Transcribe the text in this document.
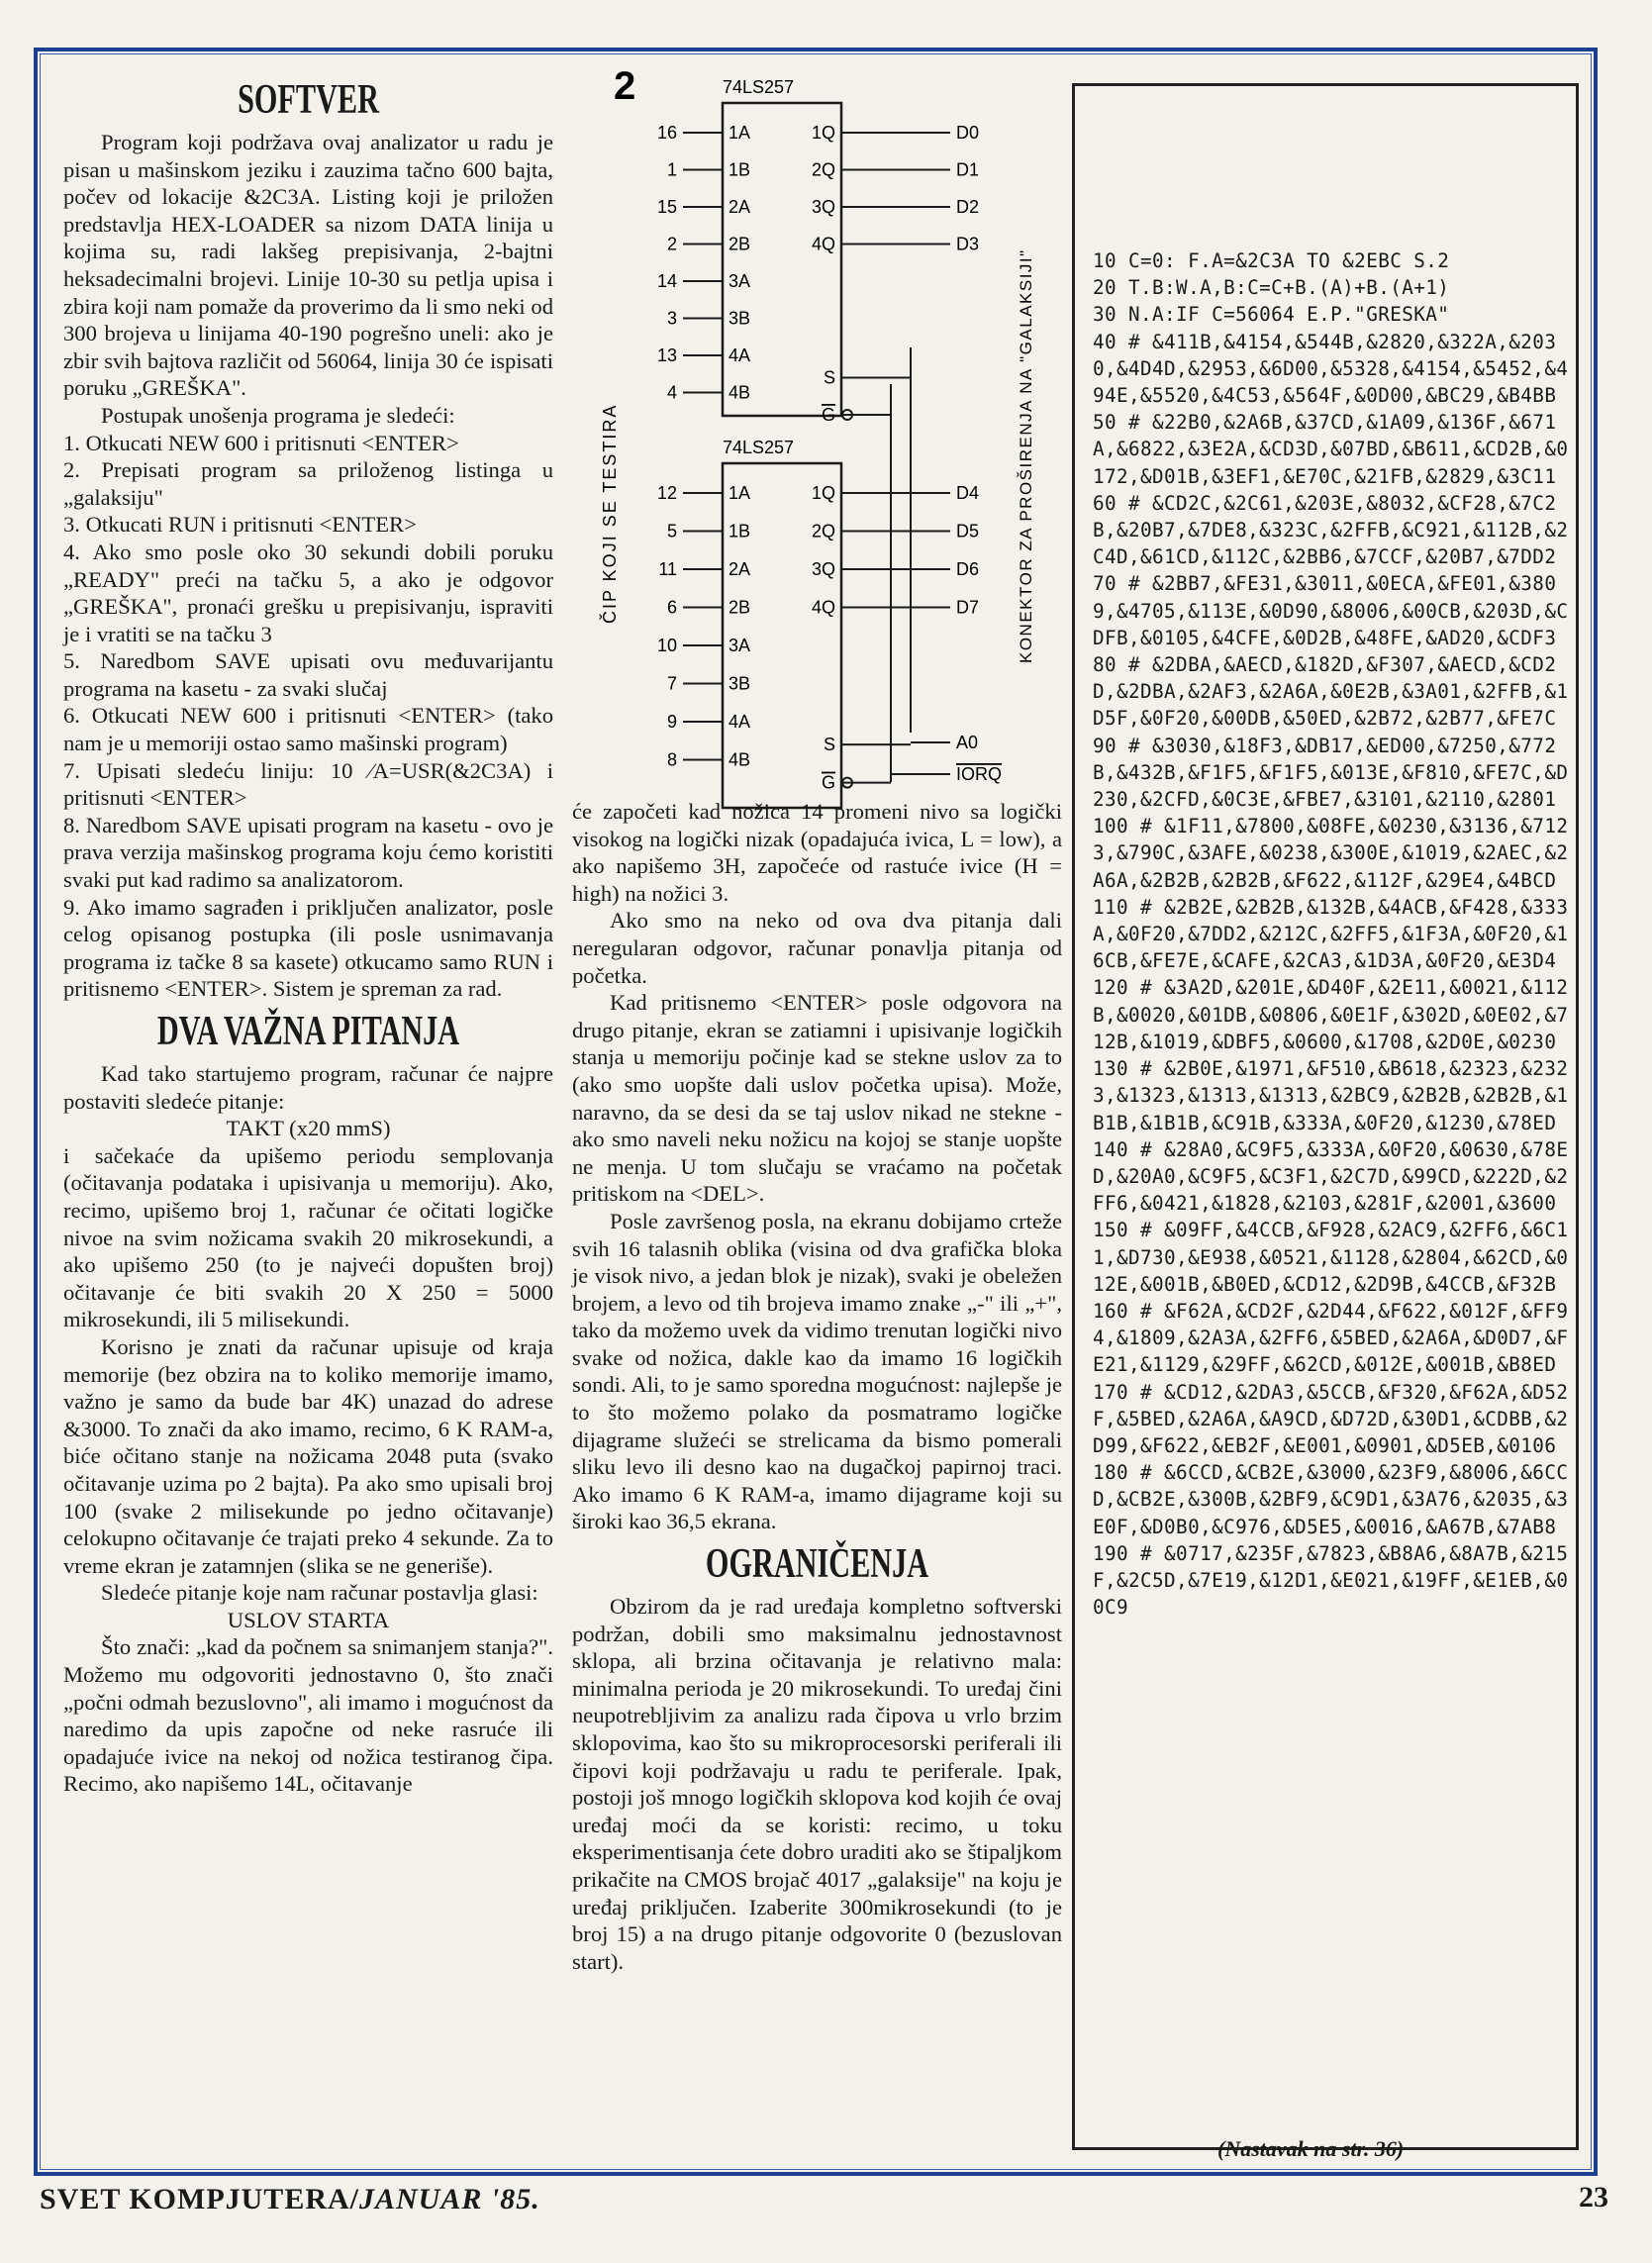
SOFTVER

Program koji podržava ovaj analizator u radu je pisan u mašinskom jeziku i zauzima tačno 600 bajta, počev od lokacije &2C3A. Listing koji je priložen predstavlja HEX-LOADER sa nizom DATA linija u kojima su, radi lakšeg prepisivanja, 2-bajtni heksadecimalni brojevi. Linije 10-30 su petlja upisa i zbira koji nam pomaže da proverimo da li smo neki od 300 brojeva u linijama 40-190 pogrešno uneli: ako je zbir svih bajtova različit od 56064, linija 30 će ispisati poruku „GREŠKA".

Postupak unošenja programa je sledeći:

1. Otkucati NEW 600 i pritisnuti <ENTER>

2. Prepisati program sa priloženog listinga u „galaksiju"

3. Otkucati RUN i pritisnuti <ENTER>

4. Ako smo posle oko 30 sekundi dobili poruku „READY" preći na tačku 5, a ako je odgovor „GREŠKA", pronaći grešku u prepisivanju, ispraviti je i vratiti se na tačku 3

5. Naredbom SAVE upisati ovu međuvarijantu programa na kasetu - za svaki slučaj

6. Otkucati NEW 600 i pritisnuti <ENTER> (tako nam je u memoriji ostao samo mašinski program)

7. Upisati sledeću liniju: 10 ⁄A=USR(&2C3A) i pritisnuti <ENTER>

8. Naredbom SAVE upisati program na kasetu - ovo je prava verzija mašinskog programa koju ćemo koristiti svaki put kad radimo sa analizatorom.

9. Ako imamo sagrađen i priključen analizator, posle celog opisanog postupka (ili posle usnimavanja programa iz tačke 8 sa kasete) otkucamo samo RUN i pritisnemo <ENTER>. Sistem je spreman za rad.

DVA VAŽNA PITANJA

Kad tako startujemo program, računar će najpre postaviti sledeće pitanje:

TAKT (x20 mmS)

i sačekaće da upišemo periodu semplovanja (očitavanja podataka i upisivanja u memoriju). Ako, recimo, upišemo broj 1, računar će očitati logičke nivoe na svim nožicama svakih 20 mikrosekundi, a ako upišemo 250 (to je najveći dopušten broj) očitavanje će biti svakih 20 X 250 = 5000 mikrosekundi, ili 5 milisekundi.

Korisno je znati da računar upisuje od kraja memorije (bez obzira na to koliko memorije imamo, važno je samo da bude bar 4K) unazad do adrese &3000. To znači da ako imamo, recimo, 6 K RAM-a, biće očitano stanje na nožicama 2048 puta (svako očitavanje uzima po 2 bajta). Pa ako smo upisali broj 100 (svake 2 milisekunde po jedno očitavanje) celokupno očitavanje će trajati preko 4 sekunde. Za to vreme ekran je zatamnjen (slika se ne generiše).

Sledeće pitanje koje nam računar postavlja glasi:

USLOV STARTA

Što znači: „kad da počnem sa snimanjem stanja?". Možemo mu odgovoriti jednostavno 0, što znači „počni odmah bezuslovno", ali imamo i mogućnost da naredimo da upis započne od neke rasruće ili opadajuće ivice na nekoj od nožica testiranog čipa. Recimo, ako napišemo 14L, očitavanje

će započeti kad nožica 14 promeni nivo sa logički visokog na logički nizak (opadajuća ivica, L = low), a ako napišemo 3H, započeće od rastuće ivice (H = high) na nožici 3.

Ako smo na neko od ova dva pitanja dali neregularan odgovor, računar ponavlja pitanja od početka.

Kad pritisnemo <ENTER> posle odgovora na drugo pitanje, ekran se zatiamni i upisivanje logičkih stanja u memoriju počinje kad se stekne uslov za to (ako smo uopšte dali uslov početka upisa). Može, naravno, da se desi da se taj uslov nikad ne stekne - ako smo naveli neku nožicu na kojoj se stanje uopšte ne menja. U tom slučaju se vraćamo na početak pritiskom na <DEL>.

Posle završenog posla, na ekranu dobijamo crteže svih 16 talasnih oblika (visina od dva grafička bloka je visok nivo, a jedan blok je nizak), svaki je obeležen brojem, a levo od tih brojeva imamo znake „-" ili „+", tako da možemo uvek da vidimo trenutan logički nivo svake od nožica, dakle kao da imamo 16 logičkih sondi. Ali, to je samo sporedna mogućnost: najlepše je to što možemo polako da posmatramo logičke dijagrame služeći se strelicama da bismo pomerali sliku levo ili desno kao na dugačkoj papirnoj traci. Ako imamo 6 K RAM-a, imamo dijagrame koji su široki kao 36,5 ekrana.

OGRANIČENJA

Obzirom da je rad uređaja kompletno softverski podržan, dobili smo maksimalnu jednostavnost sklopa, ali brzina očitavanja je relativno mala: minimalna perioda je 20 mikrosekundi. To uređaj čini neupotrebljivim za analizu rada čipova u vrlo brzim sklopovima, kao što su mikroprocesorski periferali ili čipovi koji podržavaju u radu te periferale. Ipak, postoji još mnogo logičkih sklopova kod kojih će ovaj uređaj moći da se koristi: recimo, u toku eksperimentisanja ćete dobro uraditi ako se štipaljkom prikačite na CMOS brojač 4017 „galaksije" na koju je uređaj priključen. Izaberite 300mikrosekundi (to je broj 15) a na drugo pitanje odgovorite 0 (bezuslovan start).

2	74LS257
74LS257
16	1A
1	1B
15	2A
2	2B
14	3A
3	3B
13	4A
4	4B
1Q	D0
2Q	D1
3Q	D2
4Q	D3
S
G
12	1A
5	1B
11	2A
6	2B
10	3A
7	3B
9	4A
8	4B
1Q	D4
2Q	D5
3Q	D6
4Q	D7
S
G
A0
IORQ
ČIP KOJI SE TESTIRA	KONEKTOR ZA PROŠIRENJA NA "GALAKSIJI"	10 C=0: F.A=&2C3A TO &2EBC S.2
20 T.B:W.A,B:C=C+B.(A)+B.(A+1)
30 N.A:IF C=56064 E.P."GRESKA"
40 # &411B,&4154,&544B,&2820,&322A,&2030,&4D4D,&2953,&6D00,&5328,&4154,&5452,&494E,&5520,&4C53,&564F,&0D00,&BC29,&B4BB
50 # &22B0,&2A6B,&37CD,&1A09,&136F,&671A,&6822,&3E2A,&CD3D,&07BD,&B611,&CD2B,&0172,&D01B,&3EF1,&E70C,&21FB,&2829,&3C11
60 # &CD2C,&2C61,&203E,&8032,&CF28,&7C2B,&20B7,&7DE8,&323C,&2FFB,&C921,&112B,&2C4D,&61CD,&112C,&2BB6,&7CCF,&20B7,&7DD2
70 # &2BB7,&FE31,&3011,&0ECA,&FE01,&3809,&4705,&113E,&0D90,&8006,&00CB,&203D,&CDFB,&0105,&4CFE,&0D2B,&48FE,&AD20,&CDF3
80 # &2DBA,&AECD,&182D,&F307,&AECD,&CD2D,&2DBA,&2AF3,&2A6A,&0E2B,&3A01,&2FFB,&1D5F,&0F20,&00DB,&50ED,&2B72,&2B77,&FE7C
90 # &3030,&18F3,&DB17,&ED00,&7250,&772B,&432B,&F1F5,&F1F5,&013E,&F810,&FE7C,&D230,&2CFD,&0C3E,&FBE7,&3101,&2110,&2801
100 # &1F11,&7800,&08FE,&0230,&3136,&7123,&790C,&3AFE,&0238,&300E,&1019,&2AEC,&2A6A,&2B2B,&2B2B,&F622,&112F,&29E4,&4BCD
110 # &2B2E,&2B2B,&132B,&4ACB,&F428,&333A,&0F20,&7DD2,&212C,&2FF5,&1F3A,&0F20,&16CB,&FE7E,&CAFE,&2CA3,&1D3A,&0F20,&E3D4
120 # &3A2D,&201E,&D40F,&2E11,&0021,&112B,&0020,&01DB,&0806,&0E1F,&302D,&0E02,&712B,&1019,&DBF5,&0600,&1708,&2D0E,&0230
130 # &2B0E,&1971,&F510,&B618,&2323,&2323,&1323,&1313,&1313,&2BC9,&2B2B,&2B2B,&1B1B,&1B1B,&C91B,&333A,&0F20,&1230,&78ED
140 # &28A0,&C9F5,&333A,&0F20,&0630,&78ED,&20A0,&C9F5,&C3F1,&2C7D,&99CD,&222D,&2FF6,&0421,&1828,&2103,&281F,&2001,&3600
150 # &09FF,&4CCB,&F928,&2AC9,&2FF6,&6C11,&D730,&E938,&0521,&1128,&2804,&62CD,&012E,&001B,&B0ED,&CD12,&2D9B,&4CCB,&F32B
160 # &F62A,&CD2F,&2D44,&F622,&012F,&FF94,&1809,&2A3A,&2FF6,&5BED,&2A6A,&D0D7,&FE21,&1129,&29FF,&62CD,&012E,&001B,&B8ED
170 # &CD12,&2DA3,&5CCB,&F320,&F62A,&D52F,&5BED,&2A6A,&A9CD,&D72D,&30D1,&CDBB,&2D99,&F622,&EB2F,&E001,&0901,&D5EB,&0106
180 # &6CCD,&CB2E,&3000,&23F9,&8006,&6CCD,&CB2E,&300B,&2BF9,&C9D1,&3A76,&2035,&3E0F,&D0B0,&C976,&D5E5,&0016,&A67B,&7AB8
190 # &0717,&235F,&7823,&B8A6,&8A7B,&215F,&2C5D,&7E19,&12D1,&E021,&19FF,&E1EB,&00C9
(Nastavak na str. 36)
SVET KOMPJUTERA/JANUAR '85.	23
